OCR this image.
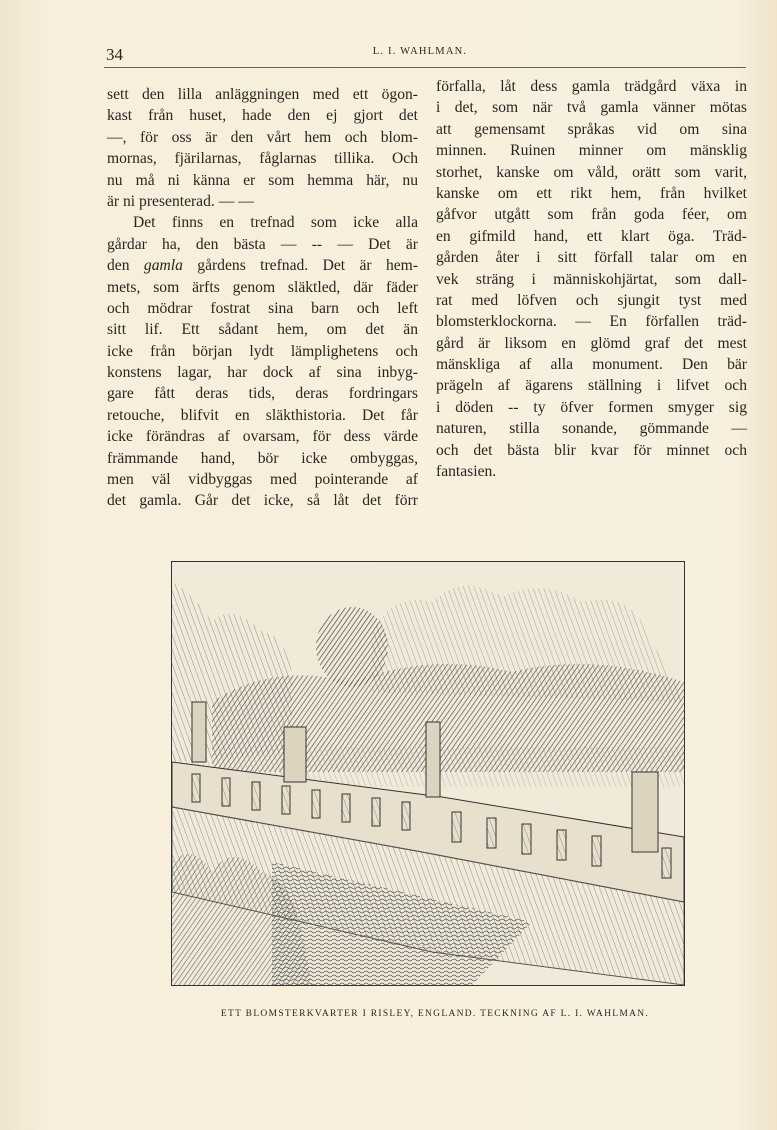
34	L. I. WAHLMAN.
sett den lilla anläggningen med ett ögon-
kast från huset, hade den ej gjort det
—, för oss är den vårt hem och blom-
mornas, fjärilarnas, fåglarnas tillika. Och
nu må ni känna er som hemma här, nu
är ni presenterad. — —
Det finns en trefnad som icke alla
gårdar ha, den bästa — -- — Det är
den gamla gårdens trefnad. Det är hem-
mets, som ärfts genom släktled, där fäder
och mödrar fostrat sina barn och left
sitt lif. Ett sådant hem, om det än
icke från början lydt lämplighetens och
konstens lagar, har dock af sina inbyg-
gare fått deras tids, deras fordringars
retouche, blifvit en släkthistoria. Det får
icke förändras af ovarsam, för dess värde
främmande hand, bör icke ombyggas,
men väl vidbyggas med pointerande af
det gamla. Går det icke, så låt det förr
förfalla, låt dess gamla trädgård växa in
i det, som när två gamla vänner mötas
att gemensamt språkas vid om sina
minnen. Ruinen minner om mänsklig
storhet, kanske om våld, orätt som varit,
kanske om ett rikt hem, från hvilket
gåfvor utgått som från goda féer, om
en gifmild hand, ett klart öga. Träd-
gården åter i sitt förfall talar om en
vek sträng i människohjärtat, som dall-
rat med löfven och sjungit tyst med
blomsterklockorna. — En förfallen träd-
gård är liksom en glömd graf det mest
mänskliga af alla monument. Den bär
prägeln af ägarens ställning i lifvet och
i döden -- ty öfver formen smyger sig
naturen, stilla sonande, gömmande —
och det bästa blir kvar för minnet och
fantasien.
ETT BLOMSTERKVARTER I RISLEY, ENGLAND. TECKNING AF L. I. WAHLMAN.
